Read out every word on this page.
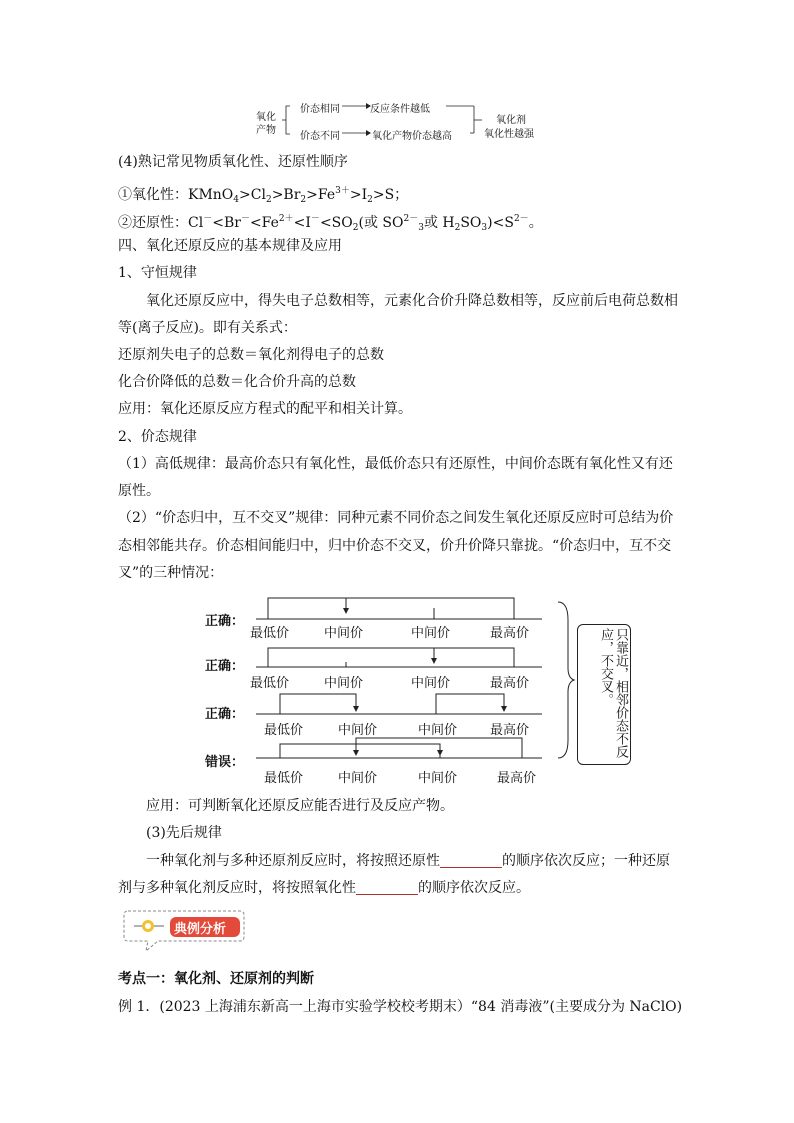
氧化
产物
价态相同	反应条件越低
价态不同	氧化产物价态越高
氧化剂
氧化性越强
(4)熟记常见物质氧化性、还原性顺序
①氧化性：$KMnO_4>Cl_2>Br_2>Fe^{3+}>I_2>S$；
②还原性：$Cl^-<Br^-<Fe^{2+}<I^-<SO_2$(或 $SO^{2-}_3$或 $H_2SO_3)<S^{2-}$。
四、氧化还原反应的基本规律及应用
1、守恒规律
氧化还原反应中，得失电子总数相等，元素化合价升降总数相等，反应前后电荷总数相
等(离子反应)。即有关系式：
还原剂失电子的总数＝氧化剂得电子的总数
化合价降低的总数＝化合价升高的总数
应用：氧化还原反应方程式的配平和相关计算。
2、价态规律
（1）高低规律：最高价态只有氧化性，最低价态只有还原性，中间价态既有氧化性又有还
原性。
（2）“价态归中，互不交叉”规律：同种元素不同价态之间发生氧化还原反应时可总结为价
态相邻能共存。价态相间能归中，归中价态不交叉，价升价降只靠拢。“价态归中，互不交
叉”的三种情况：
正确：
正确：
正确：
错误：
最低价	中间价	中间价	最高价
最低价	中间价	中间价	最高价
最低价	中间价	中间价	最高价
最低价	中间价	中间价	最高价
只靠近，相邻价态不反应，不交叉。
应用：可判断氧化还原反应能否进行及反应产物。
(3)先后规律
一种氧化剂与多种还原剂反应时，将按照还原性	的顺序依次反应；一种还原
剂与多种氧化剂反应时，将按照氧化性	的顺序依次反应。
典例分析
考点一：氧化剂、还原剂的判断
例 1．(2023 上海浦东新高一上海市实验学校校考期末）“84 消毒液”(主要成分为 NaClO)
